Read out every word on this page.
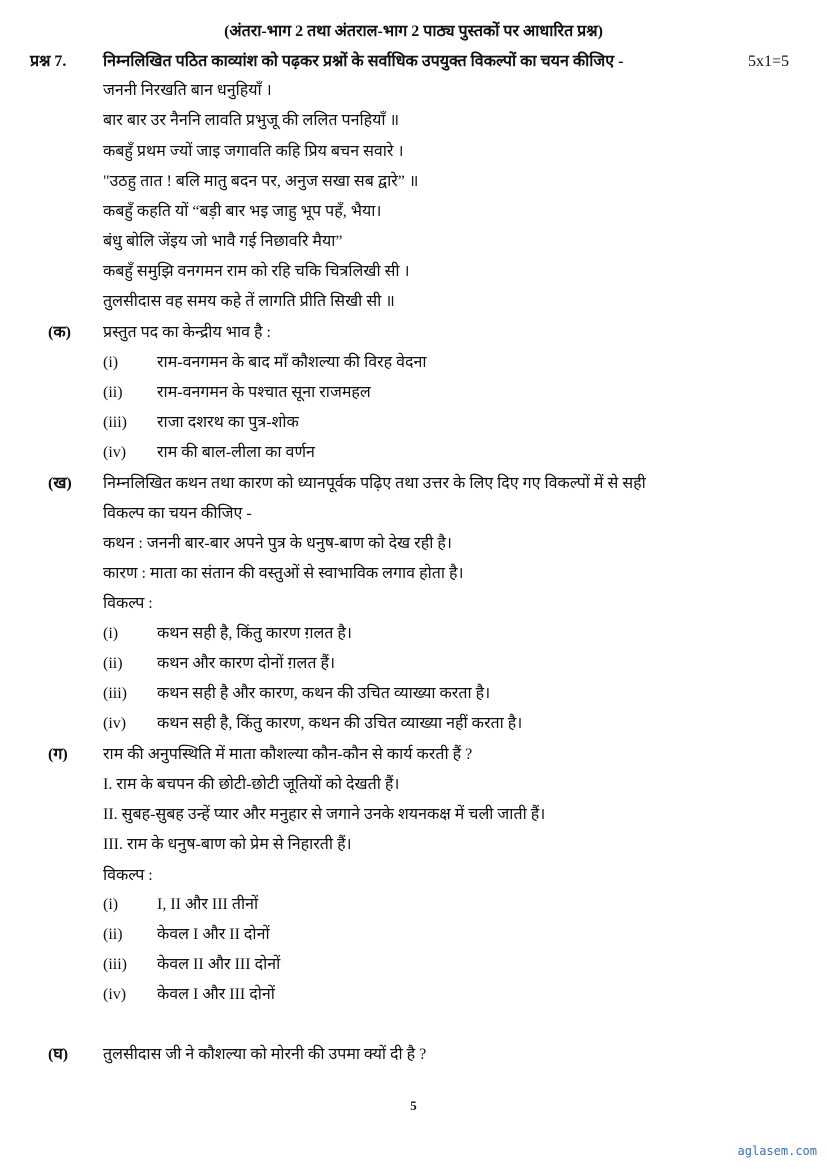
(अंतरा-भाग 2 तथा अंतराल-भाग 2 पाठ्य पुस्तकों पर आधारित प्रश्न)
प्रश्न 7. निम्नलिखित पठित काव्यांश को पढ़कर प्रश्नों के सर्वाधिक उपयुक्त विकल्पों का चयन कीजिए -	5x1=5
जननी निरखति बान धनुहियाँ ।
बार बार उर नैननि लावति प्रभुजू की ललित पनहियाँ ॥
कबहुँ प्रथम ज्यों जाइ जगावति कहि प्रिय बचन सवारे ।
"उठहु तात ! बलि मातु बदन पर, अनुज सखा सब द्वारे” ॥
कबहुँ कहति यों “बड़ी बार भइ जाहु भूप पहँ, भैया।
बंधु बोलि जेंइय जो भावै गई निछावरि मैया”
कबहुँ समुझि वनगमन राम को रहि चकि चित्रलिखी सी ।
तुलसीदास वह समय कहे तें लागति प्रीति सिखी सी ॥
(क) प्रस्तुत पद का केन्द्रीय भाव है :
(i) राम-वनगमन के बाद माँ कौशल्या की विरह वेदना
(ii) राम-वनगमन के पश्चात सूना राजमहल
(iii) राजा दशरथ का पुत्र-शोक
(iv) राम की बाल-लीला का वर्णन
(ख) निम्नलिखित कथन तथा कारण को ध्यानपूर्वक पढ़िए तथा उत्तर के लिए दिए गए विकल्पों में से सही
विकल्प का चयन कीजिए -
कथन : जननी बार-बार अपने पुत्र के धनुष-बाण को देख रही है।
कारण : माता का संतान की वस्तुओं से स्वाभाविक लगाव होता है।
विकल्प :
(i) कथन सही है, किंतु कारण ग़लत है।
(ii) कथन और कारण दोनों ग़लत हैं।
(iii) कथन सही है और कारण, कथन की उचित व्याख्या करता है।
(iv) कथन सही है, किंतु कारण, कथन की उचित व्याख्या नहीं करता है।
(ग) राम की अनुपस्थिति में माता कौशल्या कौन-कौन से कार्य करती हैं ?
I. राम के बचपन की छोटी-छोटी जूतियों को देखती हैं।
II. सुबह-सुबह उन्हें प्यार और मनुहार से जगाने उनके शयनकक्ष में चली जाती हैं।
III. राम के धनुष-बाण को प्रेम से निहारती हैं।
विकल्प :
(i) I, II और III तीनों
(ii) केवल I और II दोनों
(iii) केवल II और III दोनों
(iv) केवल I और III दोनों
(घ) तुलसीदास जी ने कौशल्या को मोरनी की उपमा क्यों दी है ?
5
aglasem.com
